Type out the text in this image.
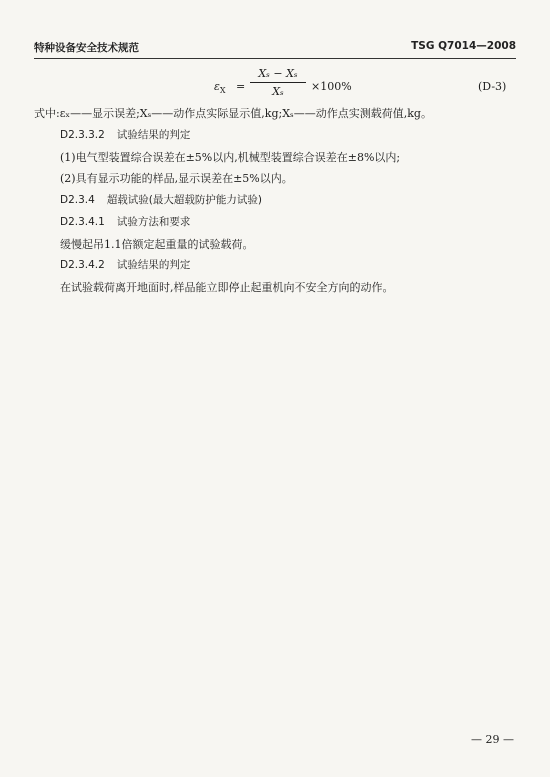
特种设备安全技术规范	TSG Q7014—2008
$\varepsilon_X$ =
Xₛ − Xₛ
Xₛ	×100%	(D-3)
式中:εₓ——显示误差;Xₛ——动作点实际显示值,kg;Xₛ——动作点实测载荷值,kg。
D2.3.3.2 试验结果的判定
(1)电气型装置综合误差在±5%以内,机械型装置综合误差在±8%以内;
(2)具有显示功能的样品,显示误差在±5%以内。
D2.3.4 超载试验(最大超载防护能力试验)
D2.3.4.1 试验方法和要求
缓慢起吊1.1倍额定起重量的试验载荷。
D2.3.4.2 试验结果的判定
在试验载荷离开地面时,样品能立即停止起重机向不安全方向的动作。
— 29 —
